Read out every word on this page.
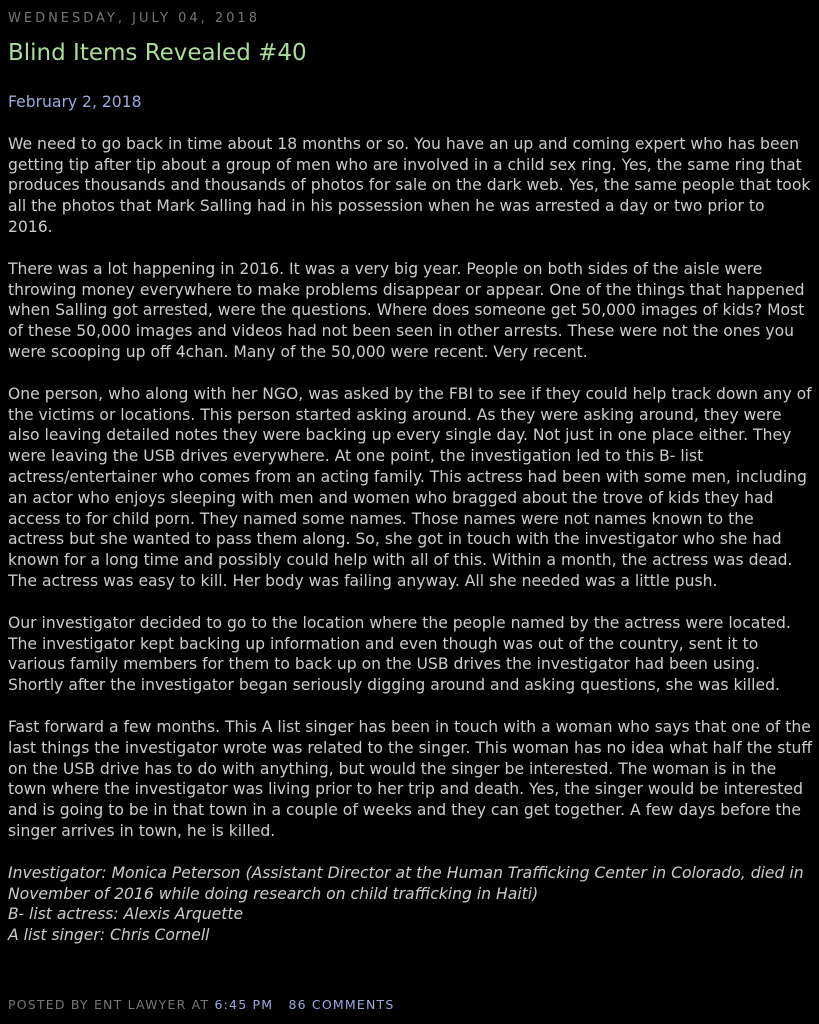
WEDNESDAY, JULY 04, 2018
Blind Items Revealed #40
February 2, 2018
We need to go back in time about 18 months or so. You have an up and coming expert who has been getting tip after tip about a group of men who are involved in a child sex ring. Yes, the same ring that produces thousands and thousands of photos for sale on the dark web. Yes, the same people that took all the photos that Mark Salling had in his possession when he was arrested a day or two prior to 2016.
There was a lot happening in 2016. It was a very big year. People on both sides of the aisle were throwing money everywhere to make problems disappear or appear. One of the things that happened when Salling got arrested, were the questions. Where does someone get 50,000 images of kids? Most of these 50,000 images and videos had not been seen in other arrests. These were not the ones you were scooping up off 4chan. Many of the 50,000 were recent. Very recent.
One person, who along with her NGO, was asked by the FBI to see if they could help track down any of the victims or locations. This person started asking around. As they were asking around, they were also leaving detailed notes they were backing up every single day. Not just in one place either. They were leaving the USB drives everywhere. At one point, the investigation led to this B- list actress/entertainer who comes from an acting family. This actress had been with some men, including an actor who enjoys sleeping with men and women who bragged about the trove of kids they had access to for child porn. They named some names. Those names were not names known to the actress but she wanted to pass them along. So, she got in touch with the investigator who she had known for a long time and possibly could help with all of this. Within a month, the actress was dead. The actress was easy to kill. Her body was failing anyway. All she needed was a little push.
Our investigator decided to go to the location where the people named by the actress were located. The investigator kept backing up information and even though was out of the country, sent it to various family members for them to back up on the USB drives the investigator had been using. Shortly after the investigator began seriously digging around and asking questions, she was killed.
Fast forward a few months. This A list singer has been in touch with a woman who says that one of the last things the investigator wrote was related to the singer. This woman has no idea what half the stuff on the USB drive has to do with anything, but would the singer be interested. The woman is in the town where the investigator was living prior to her trip and death. Yes, the singer would be interested and is going to be in that town in a couple of weeks and they can get together. A few days before the singer arrives in town, he is killed.
Investigator: Monica Peterson (Assistant Director at the Human Trafficking Center in Colorado, died in November of 2016 while doing research on child trafficking in Haiti)
B- list actress: Alexis Arquette
A list singer: Chris Cornell
POSTED BY ENT LAWYER AT 6:45 PM 86 COMMENTS
